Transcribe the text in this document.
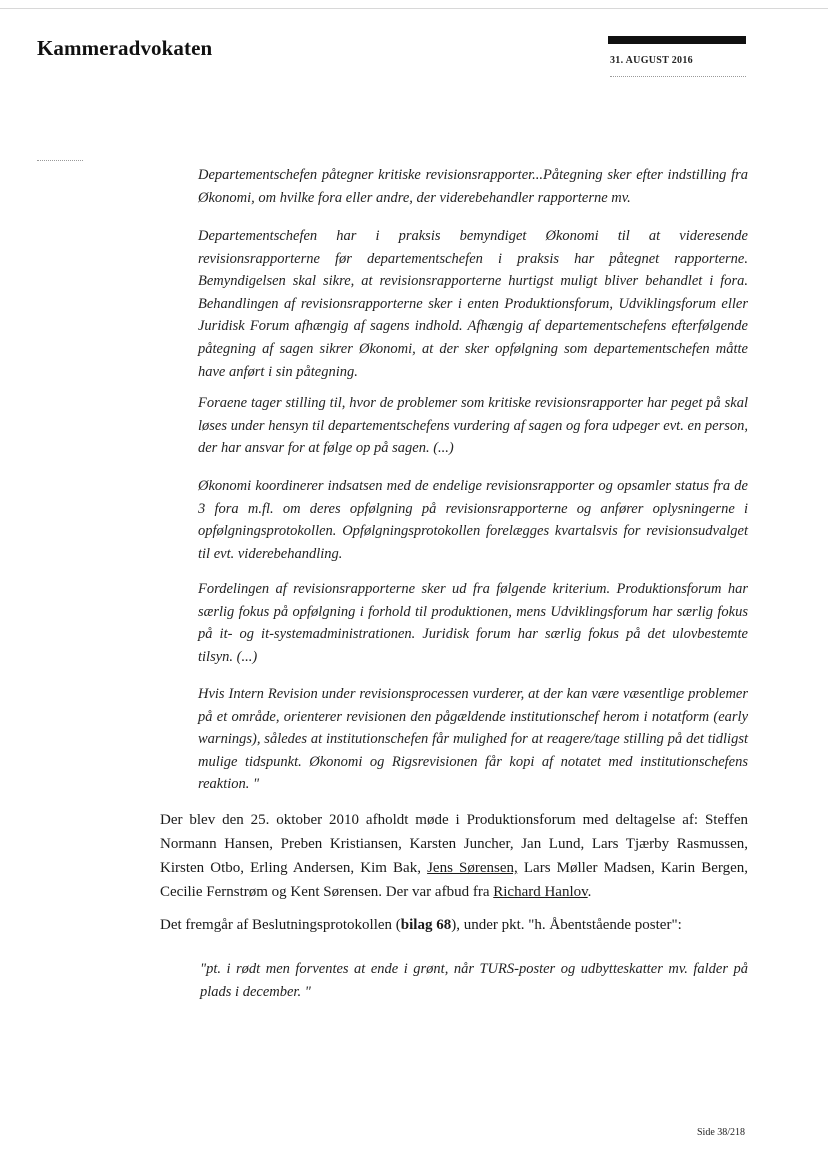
Kammeradvokaten
31. AUGUST 2016

Departementschefen påtegner kritiske revisionsrapporter...Påtegning sker efter indstilling fra Økonomi, om hvilke fora eller andre, der viderebehandler rapporterne mv.

Departementschefen har i praksis bemyndiget Økonomi til at videresende revisionsrapporterne før departementschefen i praksis har påtegnet rapporterne. Bemyndigelsen skal sikre, at revisionsrapporterne hurtigst muligt bliver behandlet i fora. Behandlingen af revisionsrapporterne sker i enten Produktionsforum, Udviklingsforum eller Juridisk Forum afhængig af sagens indhold. Afhængig af departementschefens efterfølgende påtegning af sagen sikrer Økonomi, at der sker opfølgning som departementschefen måtte have anført i sin påtegning.

Foraene tager stilling til, hvor de problemer som kritiske revisionsrapporter har peget på skal løses under hensyn til departementschefens vurdering af sagen og fora udpeger evt. en person, der har ansvar for at følge op på sagen. (...)

Økonomi koordinerer indsatsen med de endelige revisionsrapporter og opsamler status fra de 3 fora m.fl. om deres opfølgning på revisionsrapporterne og anfører oplysningerne i opfølgningsprotokollen. Opfølgningsprotokollen forelægges kvartalsvis for revisionsudvalget til evt. viderebehandling.

Fordelingen af revisionsrapporterne sker ud fra følgende kriterium. Produktionsforum har særlig fokus på opfølgning i forhold til produktionen, mens Udviklingsforum har særlig fokus på it- og it-systemadministrationen. Juridisk forum har særlig fokus på det ulovbestemte tilsyn. (...)

Hvis Intern Revision under revisionsprocessen vurderer, at der kan være væsentlige problemer på et område, orienterer revisionen den pågældende institutionschef herom i notatform (early warnings), således at institutionschefen får mulighed for at reagere/tage stilling på det tidligst mulige tidspunkt. Økonomi og Rigsrevisionen får kopi af notatet med institutionschefens reaktion. "

Der blev den 25. oktober 2010 afholdt møde i Produktionsforum med deltagelse af: Steffen Normann Hansen, Preben Kristiansen, Karsten Juncher, Jan Lund, Lars Tjærby Rasmussen, Kirsten Otbo, Erling Andersen, Kim Bak, Jens Sørensen, Lars Møller Madsen, Karin Bergen, Cecilie Fernstrøm og Kent Sørensen. Der var afbud fra Richard Hanlov.

Det fremgår af Beslutningsprotokollen (bilag 68), under pkt. "h. Åbentstående poster":

"pt. i rødt men forventes at ende i grønt, når TURS-poster og udbytteskatter mv. falder på plads i december. "

Side 38/218
